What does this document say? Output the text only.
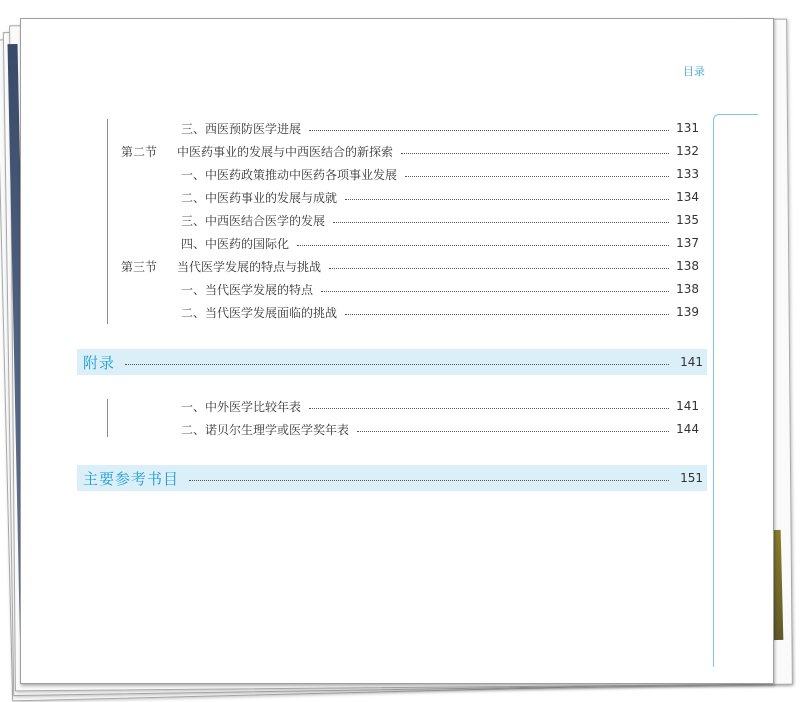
目录
三、西医预防医学进展	131
第二节	中医药事业的发展与中西医结合的新探索	132
一、中医药政策推动中医药各项事业发展	133
二、中医药事业的发展与成就	134
三、中西医结合医学的发展	135
四、中医药的国际化	137
第三节	当代医学发展的特点与挑战	138
一、当代医学发展的特点	138
二、当代医学发展面临的挑战	139
附录	141
一、中外医学比较年表	141
二、诺贝尔生理学或医学奖年表	144
主要参考书目	151
